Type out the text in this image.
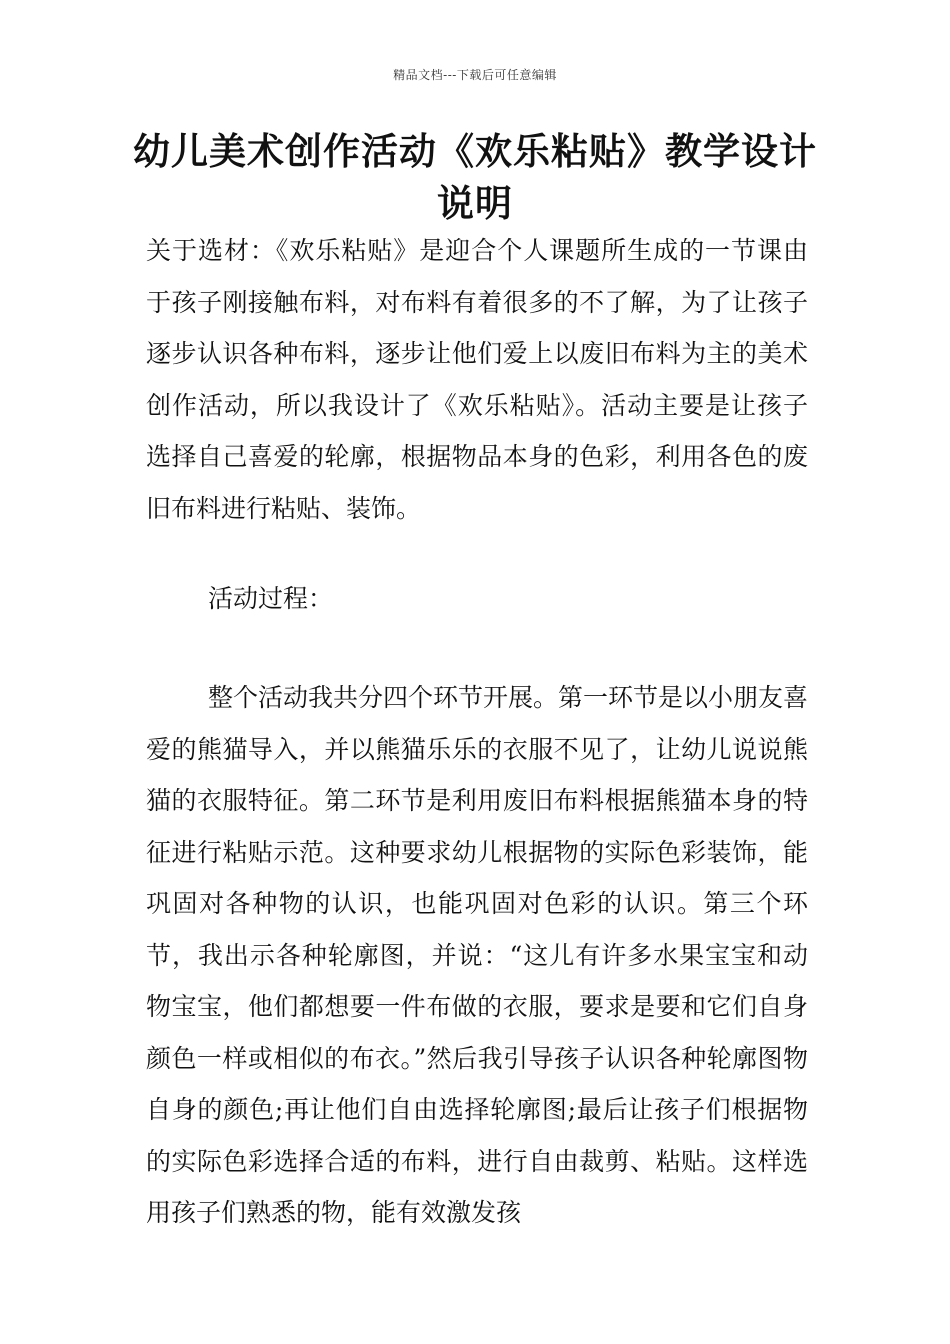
精品文档---下载后可任意编辑
幼儿美术创作活动《欢乐粘贴》教学设计说明

关于选材：《欢乐粘贴》是迎合个人课题所生成的一节课由于孩子刚接触布料，对布料有着很多的不了解，为了让孩子逐步认识各种布料，逐步让他们爱上以废旧布料为主的美术创作活动，所以我设计了《欢乐粘贴》。活动主要是让孩子选择自己喜爱的轮廓，根据物品本身的色彩，利用各色的废旧布料进行粘贴、装饰。

活动过程：

整个活动我共分四个环节开展。第一环节是以小朋友喜爱的熊猫导入，并以熊猫乐乐的衣服不见了，让幼儿说说熊猫的衣服特征。第二环节是利用废旧布料根据熊猫本身的特征进行粘贴示范。这种要求幼儿根据物的实际色彩装饰，能巩固对各种物的认识，也能巩固对色彩的认识。第三个环节，我出示各种轮廓图，并说：“这儿有许多水果宝宝和动物宝宝，他们都想要一件布做的衣服，要求是要和它们自身颜色一样或相似的布衣。”然后我引导孩子认识各种轮廓图物自身的颜色;再让他们自由选择轮廓图;最后让孩子们根据物的实际色彩选择合适的布料，进行自由裁剪、粘贴。这样选用孩子们熟悉的物，能有效激发孩
